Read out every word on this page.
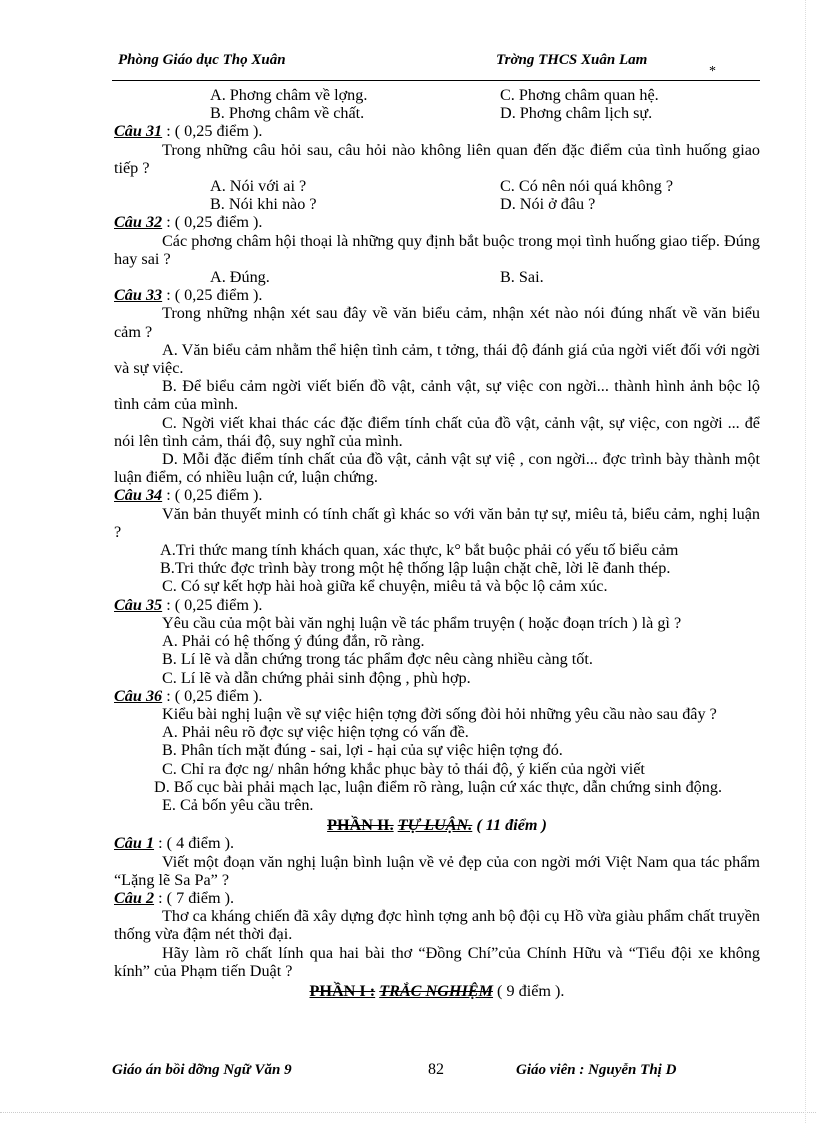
Phòng Giáo dục Thọ Xuân	Trờng THCS Xuân Lam
*
A. Phơng châm về lợng.	C. Phơng châm quan hệ.
B. Phơng châm về chất.	D. Phơng châm lịch sự.
Câu 31 : ( 0,25 điểm ).
Trong những câu hỏi sau, câu hỏi nào không liên quan đến đặc điểm của tình huống giao tiếp ?
A. Nói với ai ?	C. Có nên nói quá không ?
B. Nói khi nào ?	D. Nói ở đâu ?
Câu 32 : ( 0,25 điểm ).
Các phơng châm hội thoại là những quy định bắt buộc trong mọi tình huống giao tiếp. Đúng hay sai ?
A. Đúng.	B. Sai.
Câu 33 : ( 0,25 điểm ).
Trong những nhận xét sau đây về văn biểu cảm, nhận xét nào nói đúng nhất về văn biểu cảm ?
A. Văn biểu cảm nhằm thể hiện tình cảm, t tởng, thái độ đánh giá của ngời viết đối với ngời và sự việc.
B. Để biểu cảm ngời viết biến đồ vật, cảnh vật, sự việc con ngời... thành hình ảnh bộc lộ tình cảm của mình.
C. Ngời viết khai thác các đặc điểm tính chất của đồ vật, cảnh vật, sự việc, con ngời ... để nói lên tình cảm, thái độ, suy nghĩ của mình.
D. Mỗi đặc điểm tính chất của đồ vật, cảnh vật sự việ , con ngời... đợc trình bày thành một luận điểm, có nhiều luận cứ, luận chứng.
Câu 34 : ( 0,25 điểm ).
Văn bản thuyết minh có tính chất gì khác so với văn bản tự sự, miêu tả, biểu cảm, nghị luận ?
A.Tri thức mang tính khách quan, xác thực, k° bắt buộc phải có yếu tố biểu cảm
B.Tri thức đợc trình bày trong một hệ thống lập luận chặt chẽ, lời lẽ đanh thép.
C. Có sự kết hợp hài hoà giữa kể chuyện, miêu tả và bộc lộ cảm xúc.
Câu 35 : ( 0,25 điểm ).
Yêu cầu của một bài văn nghị luận về tác phẩm truyện ( hoặc đoạn trích ) là gì ?
A. Phải có hệ thống ý đúng đắn, rõ ràng.
B. Lí lẽ và dẫn chứng trong tác phẩm đợc nêu càng nhiều càng tốt.
C. Lí lẽ và dẫn chứng phải sinh động , phù hợp.
Câu 36 : ( 0,25 điểm ).
Kiểu bài nghị luận về sự việc hiện tợng đời sống đòi hỏi những yêu cầu nào sau đây ?
A. Phải nêu rõ đợc sự việc hiện tợng có vấn đề.
B. Phân tích mặt đúng - sai, lợi - hại của sự việc hiện tợng đó.
C. Chỉ ra đợc ng/ nhân hớng khắc phục bày tỏ thái độ, ý kiến của ngời viết
D. Bố cục bài phải mạch lạc, luận điểm rõ ràng, luận cứ xác thực, dẫn chứng sinh động.
E. Cả bốn yêu cầu trên.
PHẦN II. TỰ LUẬN. ( 11 điểm )
Câu 1 : ( 4 điểm ).
Viết một đoạn văn nghị luận bình luận về vẻ đẹp của con ngời mới Việt Nam qua tác phẩm “Lặng lẽ Sa Pa” ?
Câu 2 : ( 7 điểm ).
Thơ ca kháng chiến đã xây dựng đợc hình tợng anh bộ đội cụ Hồ vừa giàu phẩm chất truyền thống vừa đậm nét thời đại.
Hãy làm rõ chất lính qua hai bài thơ “Đồng Chí”của Chính Hữu và “Tiểu đội xe không kính” của Phạm tiến Duật ?
PHẦN I : TRẮC NGHIỆM ( 9 điểm ).
Giáo án bồi dỡng Ngữ Văn 9	82	Giáo viên : Nguyễn Thị D
